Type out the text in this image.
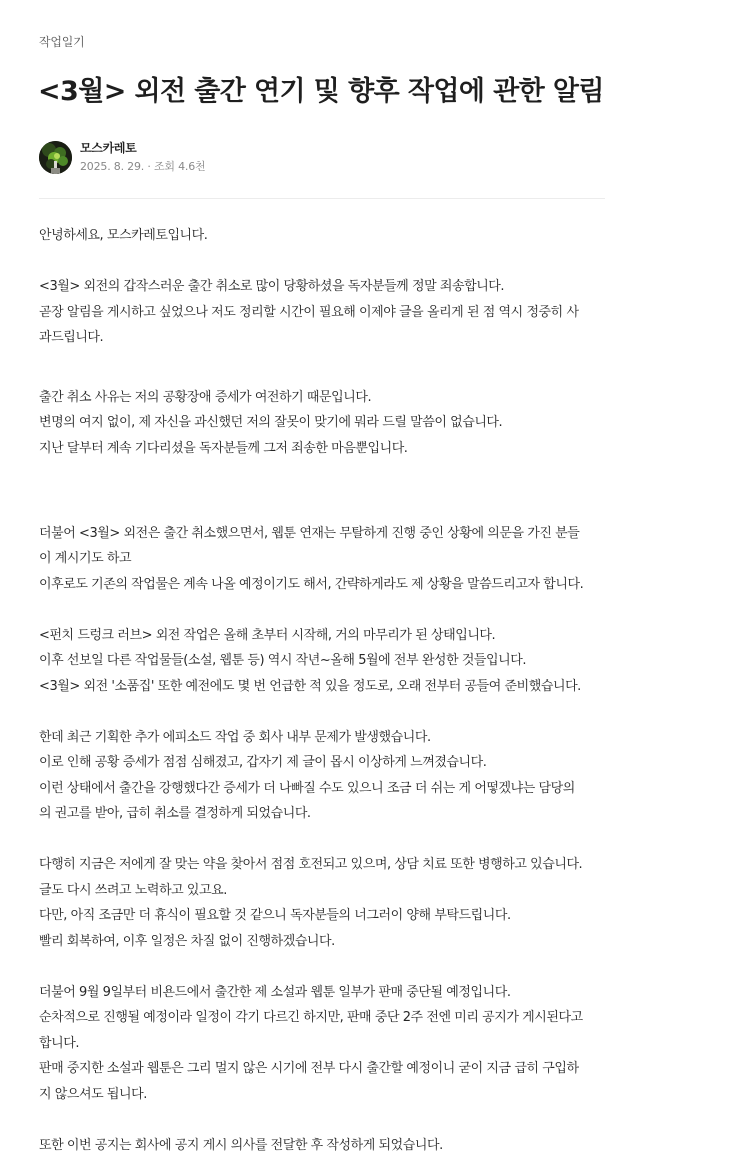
작업일기
<3월> 외전 출간 연기 및 향후 작업에 관한 알림
모스카레토
2025. 8. 29. · 조회 4.6천
안녕하세요, 모스카레토입니다.
<3월> 외전의 갑작스러운 출간 취소로 많이 당황하셨을 독자분들께 정말 죄송합니다.
곧장 알림을 게시하고 싶었으나 저도 정리할 시간이 필요해 이제야 글을 올리게 된 점 역시 정중히 사
과드립니다.
출간 취소 사유는 저의 공황장애 증세가 여전하기 때문입니다.
변명의 여지 없이, 제 자신을 과신했던 저의 잘못이 맞기에 뭐라 드릴 말씀이 없습니다.
지난 달부터 계속 기다리셨을 독자분들께 그저 죄송한 마음뿐입니다.
더불어 <3월> 외전은 출간 취소했으면서, 웹툰 연재는 무탈하게 진행 중인 상황에 의문을 가진 분들
이 계시기도 하고
이후로도 기존의 작업물은 계속 나올 예정이기도 해서, 간략하게라도 제 상황을 말씀드리고자 합니다.
<펀치 드렁크 러브> 외전 작업은 올해 초부터 시작해, 거의 마무리가 된 상태입니다.
이후 선보일 다른 작업물들(소설, 웹툰 등) 역시 작년~올해 5월에 전부 완성한 것들입니다.
<3월> 외전 '소품집' 또한 예전에도 몇 번 언급한 적 있을 정도로, 오래 전부터 공들여 준비했습니다.
한데 최근 기획한 추가 에피소드 작업 중 회사 내부 문제가 발생했습니다.
이로 인해 공황 증세가 점점 심해졌고, 갑자기 제 글이 몹시 이상하게 느껴졌습니다.
이런 상태에서 출간을 강행했다간 증세가 더 나빠질 수도 있으니 조금 더 쉬는 게 어떻겠냐는 담당의
의 권고를 받아, 급히 취소를 결정하게 되었습니다.
다행히 지금은 저에게 잘 맞는 약을 찾아서 점점 호전되고 있으며, 상담 치료 또한 병행하고 있습니다.
글도 다시 쓰려고 노력하고 있고요.
다만, 아직 조금만 더 휴식이 필요할 것 같으니 독자분들의 너그러이 양해 부탁드립니다.
빨리 회복하여, 이후 일정은 차질 없이 진행하겠습니다.
더불어 9월 9일부터 비욘드에서 출간한 제 소설과 웹툰 일부가 판매 중단될 예정입니다.
순차적으로 진행될 예정이라 일정이 각기 다르긴 하지만, 판매 중단 2주 전엔 미리 공지가 게시된다고
합니다.
판매 중지한 소설과 웹툰은 그리 멀지 않은 시기에 전부 다시 출간할 예정이니 굳이 지금 급히 구입하
지 않으셔도 됩니다.
또한 이번 공지는 회사에 공지 게시 의사를 전달한 후 작성하게 되었습니다.
